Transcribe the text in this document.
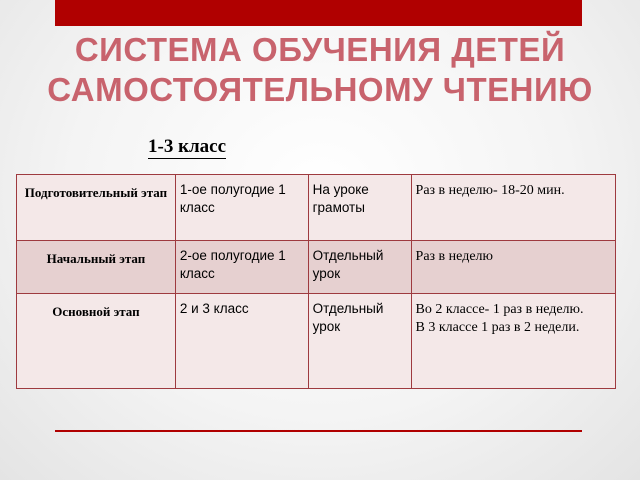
СИСТЕМА ОБУЧЕНИЯ ДЕТЕЙ
САМОСТОЯТЕЛЬНОМУ ЧТЕНИЮ

1-3 класс

Подготовительный этап	1-ое полугодие 1 класс	На уроке грамоты	Раз в неделю- 18-20 мин.
Начальный этап	2-ое полугодие 1 класс	Отдельный урок	Раз в неделю
Основной этап	2 и 3 класс	Отдельный урок	Во 2 классе- 1 раз в неделю.
В 3 классе 1 раз в 2 недели.
